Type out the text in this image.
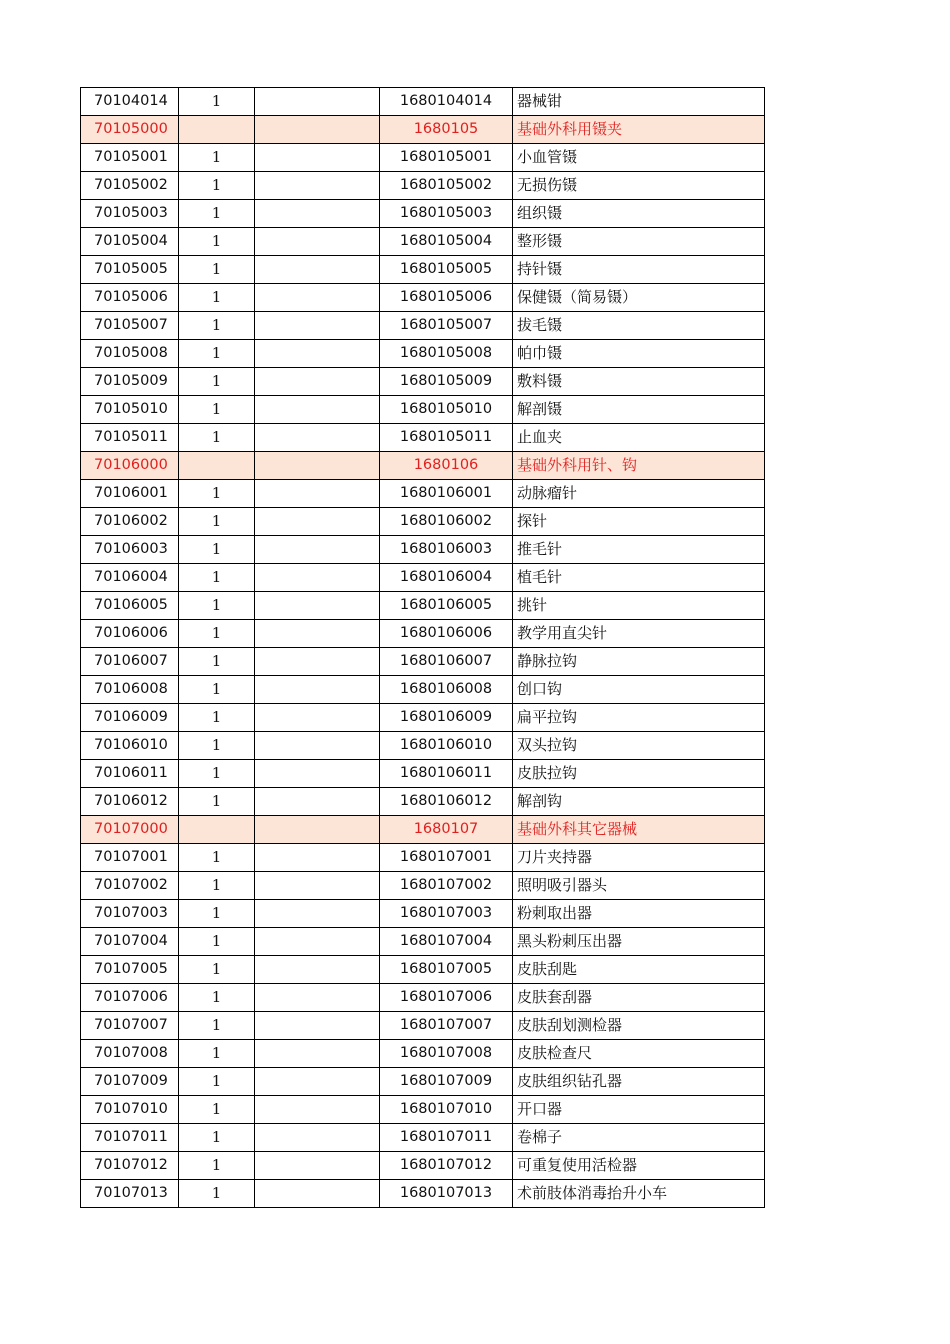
70104014	1		1680104014	器械钳
70105000			1680105	基础外科用镊夹
70105001	1		1680105001	小血管镊
70105002	1		1680105002	无损伤镊
70105003	1		1680105003	组织镊
70105004	1		1680105004	整形镊
70105005	1		1680105005	持针镊
70105006	1		1680105006	保健镊（简易镊）
70105007	1		1680105007	拔毛镊
70105008	1		1680105008	帕巾镊
70105009	1		1680105009	敷料镊
70105010	1		1680105010	解剖镊
70105011	1		1680105011	止血夹
70106000			1680106	基础外科用针、钩
70106001	1		1680106001	动脉瘤针
70106002	1		1680106002	探针
70106003	1		1680106003	推毛针
70106004	1		1680106004	植毛针
70106005	1		1680106005	挑针
70106006	1		1680106006	教学用直尖针
70106007	1		1680106007	静脉拉钩
70106008	1		1680106008	创口钩
70106009	1		1680106009	扁平拉钩
70106010	1		1680106010	双头拉钩
70106011	1		1680106011	皮肤拉钩
70106012	1		1680106012	解剖钩
70107000			1680107	基础外科其它器械
70107001	1		1680107001	刀片夹持器
70107002	1		1680107002	照明吸引器头
70107003	1		1680107003	粉刺取出器
70107004	1		1680107004	黑头粉刺压出器
70107005	1		1680107005	皮肤刮匙
70107006	1		1680107006	皮肤套刮器
70107007	1		1680107007	皮肤刮划测检器
70107008	1		1680107008	皮肤检查尺
70107009	1		1680107009	皮肤组织钻孔器
70107010	1		1680107010	开口器
70107011	1		1680107011	卷棉子
70107012	1		1680107012	可重复使用活检器
70107013	1		1680107013	术前肢体消毒抬升小车
